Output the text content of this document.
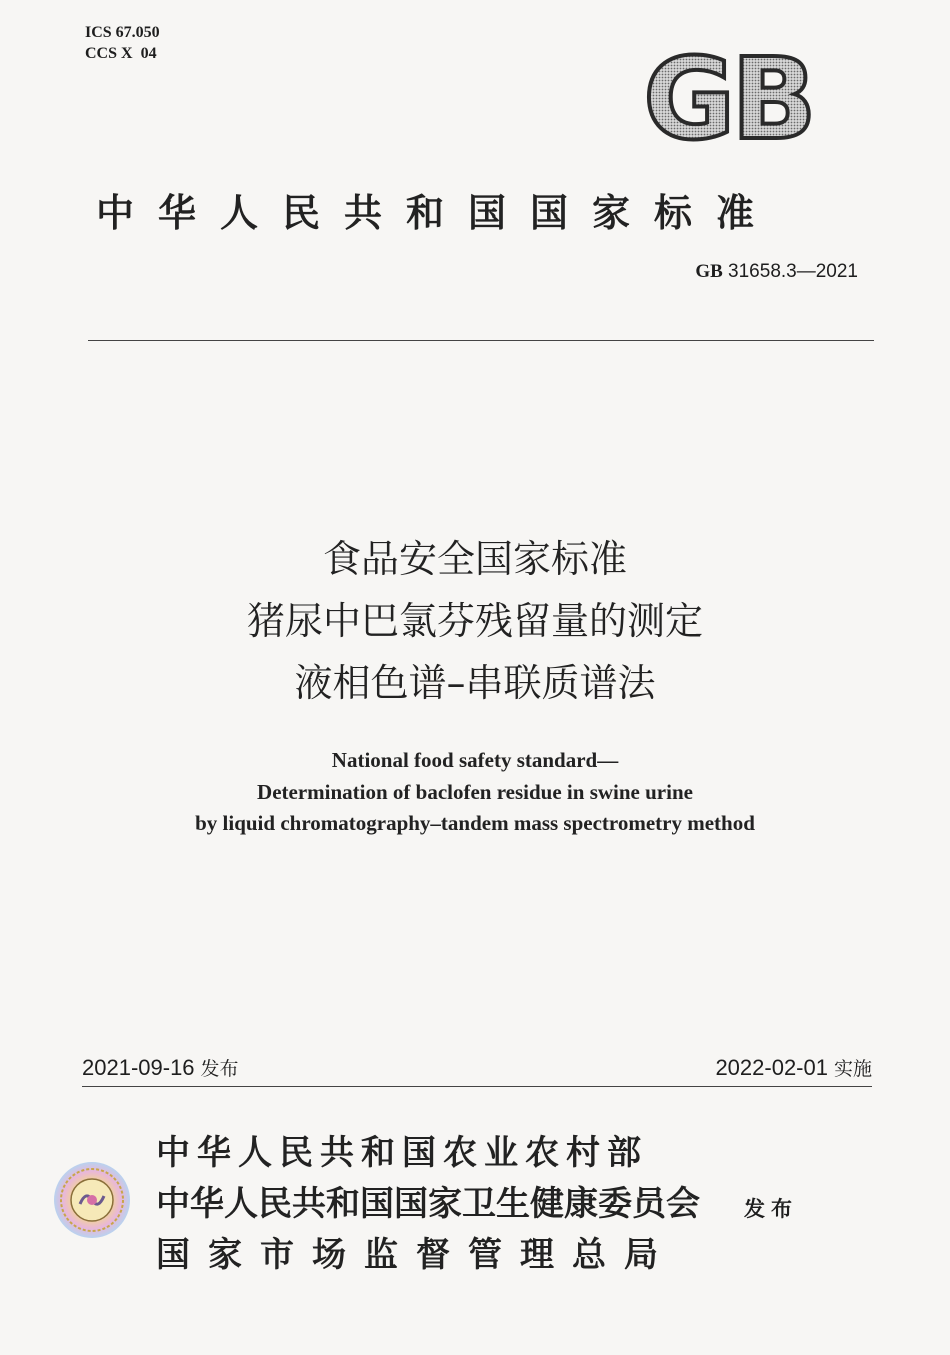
ICS 67.050
CCS X  04	GB
中华人民共和国国家标准
GB 31658.3—2021
食品安全国家标准
猪尿中巴氯芬残留量的测定
液相色谱–串联质谱法
National food safety standard—
Determination of baclofen residue in swine urine
by liquid chromatography–tandem mass spectrometry method
2021-09-16 发布	2022-02-01 实施
中华人民共和国农业农村部
中华人民共和国国家卫生健康委员会
国家市场监督管理总局
发布
